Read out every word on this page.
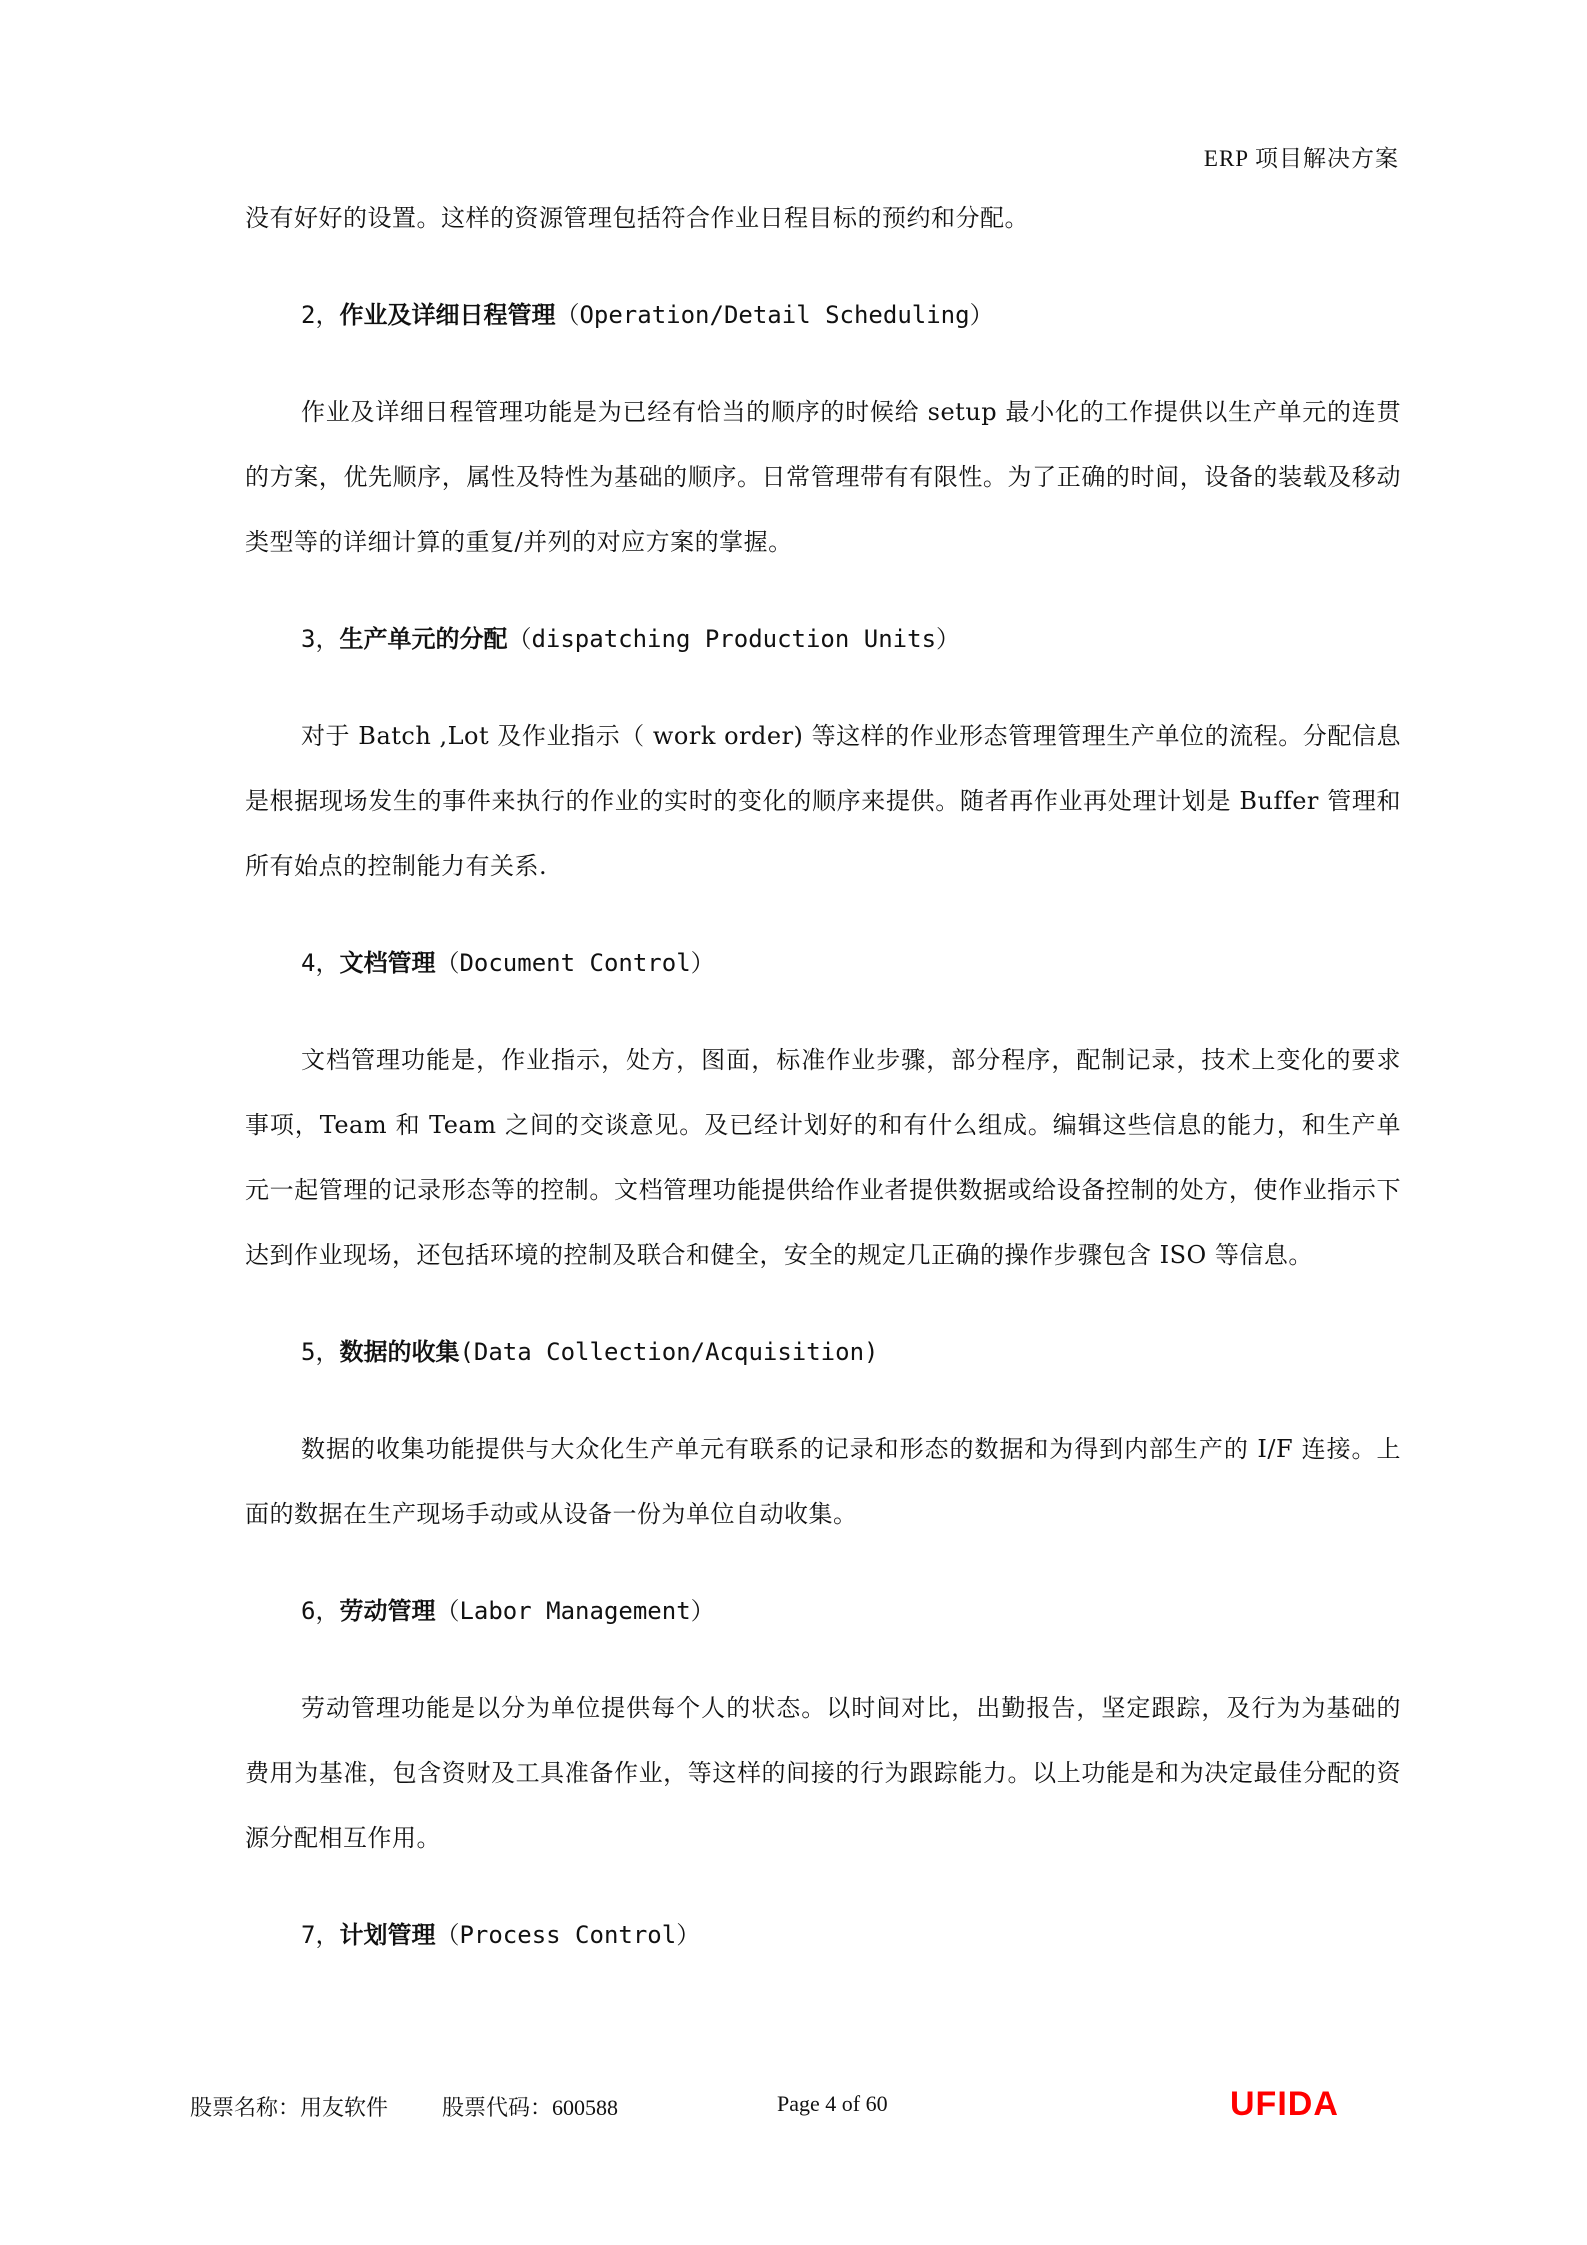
ERP 项目解决方案

没有好好的设置。这样的资源管理包括符合作业日程目标的预约和分配。

2，作业及详细日程管理（Operation/Detail Scheduling）

作业及详细日程管理功能是为已经有恰当的顺序的时候给 setup 最小化的工作提供以生产单元的连贯的方案，优先顺序，属性及特性为基础的顺序。日常管理带有有限性。为了正确的时间，设备的装载及移动类型等的详细计算的重复/并列的对应方案的掌握。

3，生产单元的分配（dispatching Production Units）

对于 Batch ,Lot 及作业指示（ work order) 等这样的作业形态管理管理生产单位的流程。分配信息是根据现场发生的事件来执行的作业的实时的变化的顺序来提供。随者再作业再处理计划是 Buffer 管理和所有始点的控制能力有关系.

4，文档管理（Document Control）

文档管理功能是，作业指示，处方，图面，标准作业步骤，部分程序，配制记录，技术上变化的要求事项，Team 和 Team 之间的交谈意见。及已经计划好的和有什么组成。编辑这些信息的能力，和生产单元一起管理的记录形态等的控制。文档管理功能提供给作业者提供数据或给设备控制的处方，使作业指示下达到作业现场，还包括环境的控制及联合和健全，安全的规定几正确的操作步骤包含 ISO 等信息。

5，数据的收集(Data Collection/Acquisition)

数据的收集功能提供与大众化生产单元有联系的记录和形态的数据和为得到内部生产的 I/F 连接。上面的数据在生产现场手动或从设备一份为单位自动收集。

6，劳动管理（Labor Management）

劳动管理功能是以分为单位提供每个人的状态。以时间对比，出勤报告，坚定跟踪，及行为为基础的费用为基准，包含资财及工具准备作业，等这样的间接的行为跟踪能力。以上功能是和为决定最佳分配的资源分配相互作用。

7，计划管理（Process Control）

股票名称：用友软件 股票代码：600588	Page 4 of 60	UFIDA
